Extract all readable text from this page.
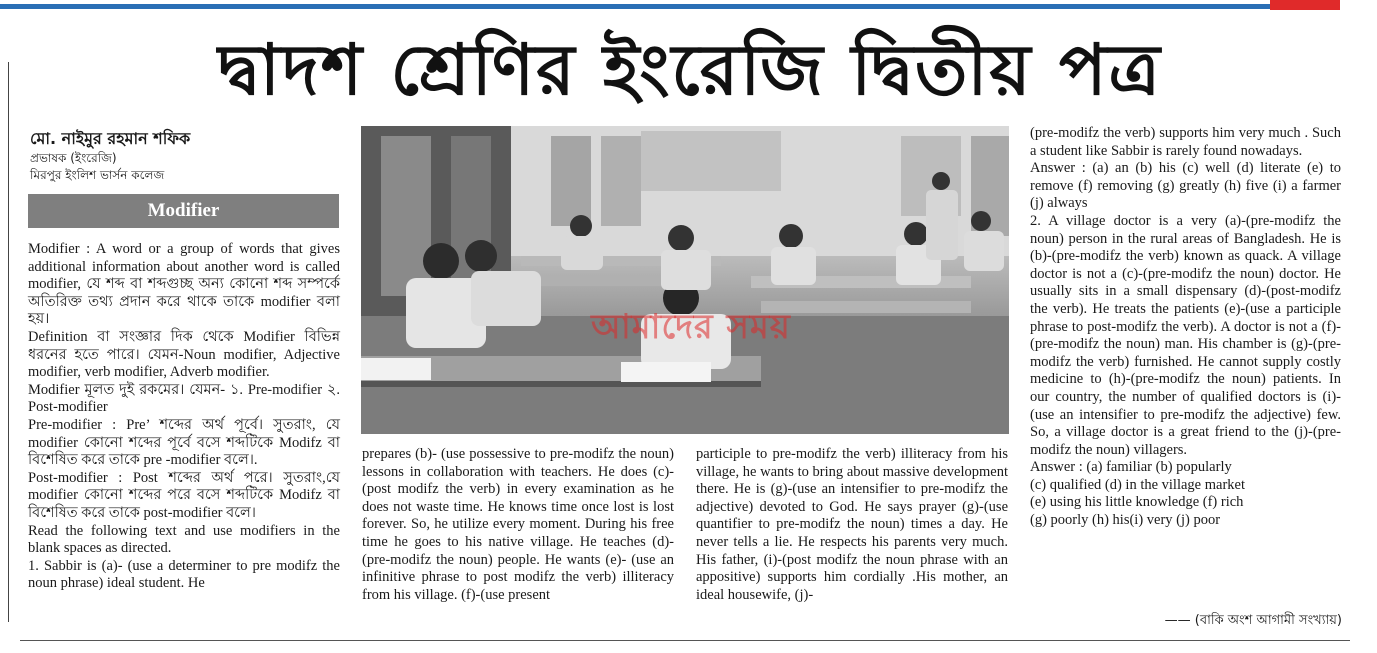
দ্বাদশ শ্রেণির ইংরেজি দ্বিতীয় পত্র
মো. নাইমুর রহমান শফিক
প্রভাষক (ইংরেজি)
মিরপুর ইংলিশ ভার্সন কলেজ
Modifier

Modifier : A word or a group of words that gives additional information about another word is called modifier, যে শব্দ বা শব্দগুচ্ছ অন্য কোনো শব্দ সম্পর্কে অতিরিক্ত তথ্য প্রদান করে থাকে তাকে modifier বলা হয়।

Definition বা সংজ্ঞার দিক থেকে Modifier বিভিন্ন ধরনের হতে পারে। যেমন-Noun modifier, Adjective modifier, verb modifier, Adverb modifier.

Modifier মূলত দুই রকমের। যেমন- ১. Pre-modifier ২. Post-modifier

Pre-modifier : Pre’ শব্দের অর্থ পূর্বে। সুতরাং, যে modifier কোনো শব্দের পূর্বে বসে শব্দটিকে Modifz বা বিশেষিত করে তাকে pre -modifier বলে।.

Post-modifier : Post শব্দের অর্থ পরে। সুতরাং,যে modifier কোনো শব্দের পরে বসে শব্দটিকে Modifz বা বিশেষিত করে তাকে post-modifier বলে।

Read the following text and use modifiers in the blank spaces as directed.

1. Sabbir is (a)- (use a determiner to pre modifz the noun phrase) ideal student. He

আমাদের সময়

prepares (b)- (use possessive to pre-modifz the noun) lessons in collaboration with teachers. He does (c)-(post modifz the verb) in every examination as he does not waste time. He knows time once lost is lost forever. So, he utilize every moment. During his free time he goes to his native village. He teaches (d)-(pre-modifz the noun) people. He wants (e)- (use an infinitive phrase to post modifz the verb) illiteracy from his village. (f)-(use present

participle to pre-modifz the verb) illiteracy from his village, he wants to bring about massive development there. He is (g)-(use an intensifier to pre-modifz the adjective) devoted to God. He says prayer (g)-(use quantifier to pre-modifz the noun) times a day. He never tells a lie. He respects his parents very much. His father, (i)-(post modifz the noun phrase with an appositive) supports him cordially .His mother, an ideal housewife, (j)-

(pre-modifz the verb) supports him very much . Such a student like Sabbir is rarely found nowadays.

Answer : (a) an (b) his (c) well (d) literate (e) to remove (f) removing (g) greatly (h) five (i) a farmer (j) always

2. A village doctor is a very (a)-(pre-modifz the noun) person in the rural areas of Bangladesh. He is (b)-(pre-modifz the verb) known as quack. A village doctor is not a (c)-(pre-modifz the noun) doctor. He usually sits in a small dispensary (d)-(post-modifz the verb). He treats the patients (e)-(use a participle phrase to post-modifz the verb). A doctor is not a (f)-(pre-modifz the noun) man. His chamber is (g)-(pre-modifz the verb) furnished. He cannot supply costly medicine to (h)-(pre-modifz the noun) patients. In our country, the number of qualified doctors is (i)-(use an intensifier to pre-modifz the adjective) few. So, a village doctor is a great friend to the (j)-(pre-modifz the noun) villagers.

Answer : (a) familiar (b) popularly

(c) qualified (d) in the village market

(e) using his little knowledge (f) rich

(g) poorly (h) his(i) very (j) poor

—— (বাকি অংশ আগামী সংখ্যায়)
